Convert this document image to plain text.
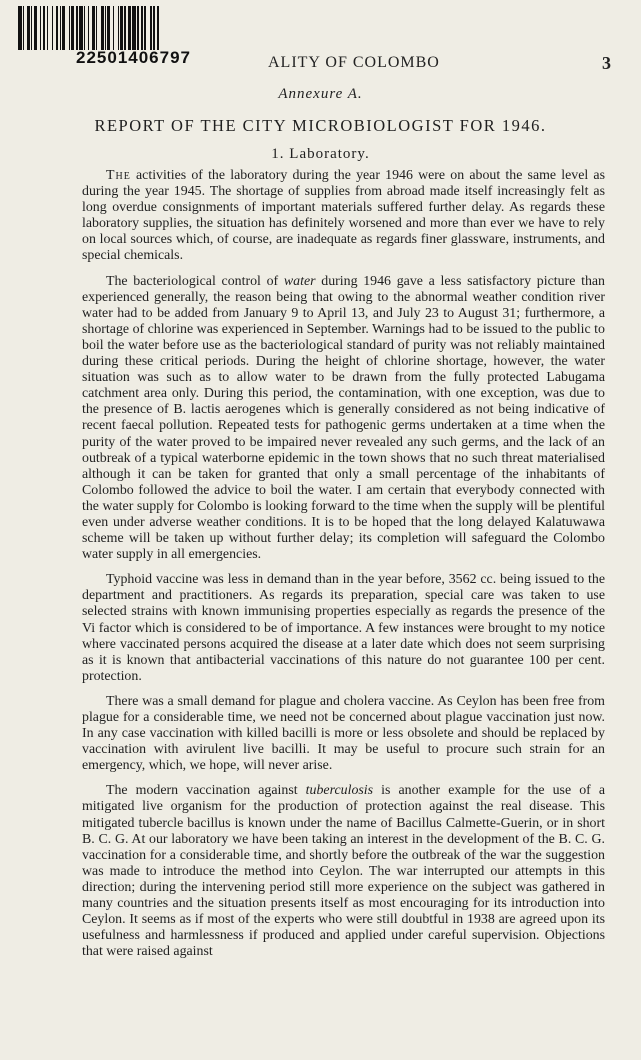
22501406797	ALITY OF COLOMBO	3
Annexure A.
REPORT OF THE CITY MICROBIOLOGIST FOR 1946.
1. Laboratory.

The activities of the laboratory during the year 1946 were on about the same level as during the year 1945. The shortage of supplies from abroad made itself increasingly felt as long overdue consignments of important materials suffered further delay. As regards these laboratory supplies, the situation has definitely worsened and more than ever we have to rely on local sources which, of course, are inadequate as regards finer glassware, instruments, and special chemicals.

The bacteriological control of water during 1946 gave a less satisfactory picture than experienced generally, the reason being that owing to the abnormal weather condition river water had to be added from January 9 to April 13, and July 23 to August 31; furthermore, a shortage of chlorine was experienced in September. Warnings had to be issued to the public to boil the water before use as the bacteriological standard of purity was not reliably maintained during these critical periods. During the height of chlorine shortage, however, the water situation was such as to allow water to be drawn from the fully protected Labugama catchment area only. During this period, the contamination, with one exception, was due to the presence of B. lactis aerogenes which is generally considered as not being indicative of recent faecal pollution. Repeated tests for pathogenic germs undertaken at a time when the purity of the water proved to be impaired never revealed any such germs, and the lack of an outbreak of a typical waterborne epidemic in the town shows that no such threat materialised although it can be taken for granted that only a small percentage of the inhabitants of Colombo followed the advice to boil the water. I am certain that everybody connected with the water supply for Colombo is looking forward to the time when the supply will be plentiful even under adverse weather conditions. It is to be hoped that the long delayed Kalatuwawa scheme will be taken up without further delay; its completion will safeguard the Colombo water supply in all emergencies.

Typhoid vaccine was less in demand than in the year before, 3562 cc. being issued to the department and practitioners. As regards its preparation, special care was taken to use selected strains with known immunising properties especially as regards the presence of the Vi factor which is considered to be of importance. A few instances were brought to my notice where vaccinated persons acquired the disease at a later date which does not seem surprising as it is known that antibacterial vaccinations of this nature do not guarantee 100 per cent. protection.

There was a small demand for plague and cholera vaccine. As Ceylon has been free from plague for a considerable time, we need not be concerned about plague vaccination just now. In any case vaccination with killed bacilli is more or less obsolete and should be replaced by vaccination with avirulent live bacilli. It may be useful to procure such strain for an emergency, which, we hope, will never arise.

The modern vaccination against tuberculosis is another example for the use of a mitigated live organism for the production of protection against the real disease. This mitigated tubercle bacillus is known under the name of Bacillus Calmette-Guerin, or in short B. C. G. At our laboratory we have been taking an interest in the development of the B. C. G. vaccination for a considerable time, and shortly before the outbreak of the war the suggestion was made to introduce the method into Ceylon. The war interrupted our attempts in this direction; during the intervening period still more experience on the subject was gathered in many countries and the situation presents itself as most encouraging for its introduction into Ceylon. It seems as if most of the experts who were still doubtful in 1938 are agreed upon its usefulness and harmlessness if produced and applied under careful supervision. Objections that were raised against
